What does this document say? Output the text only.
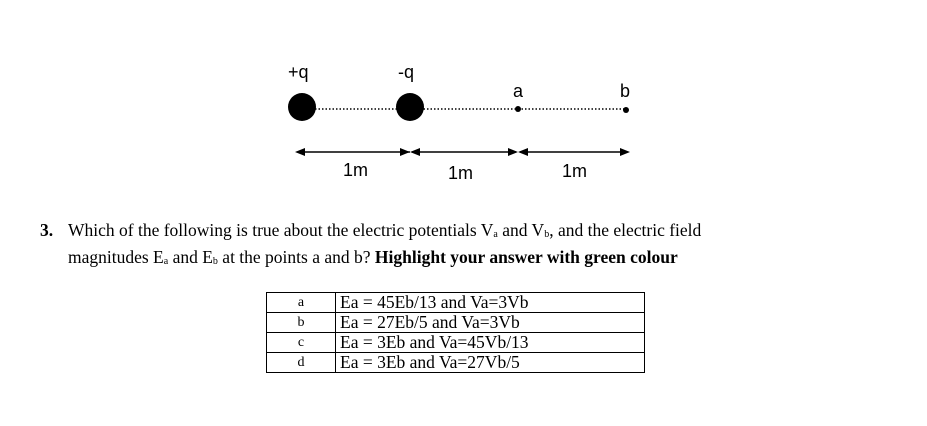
+q	-q
a	b
1m	1m	1m
3. Which of the following is true about the electric potentials $V_a$ and $V_b$, and the electric field
magnitudes $E_a$ and $E_b$ at the points a and b? Highlight your answer with green colour
a	Ea = 45Eb/13 and Va=3Vb
b	Ea = 27Eb/5 and Va=3Vb
c	Ea = 3Eb and Va=45Vb/13
d	Ea = 3Eb and Va=27Vb/5
